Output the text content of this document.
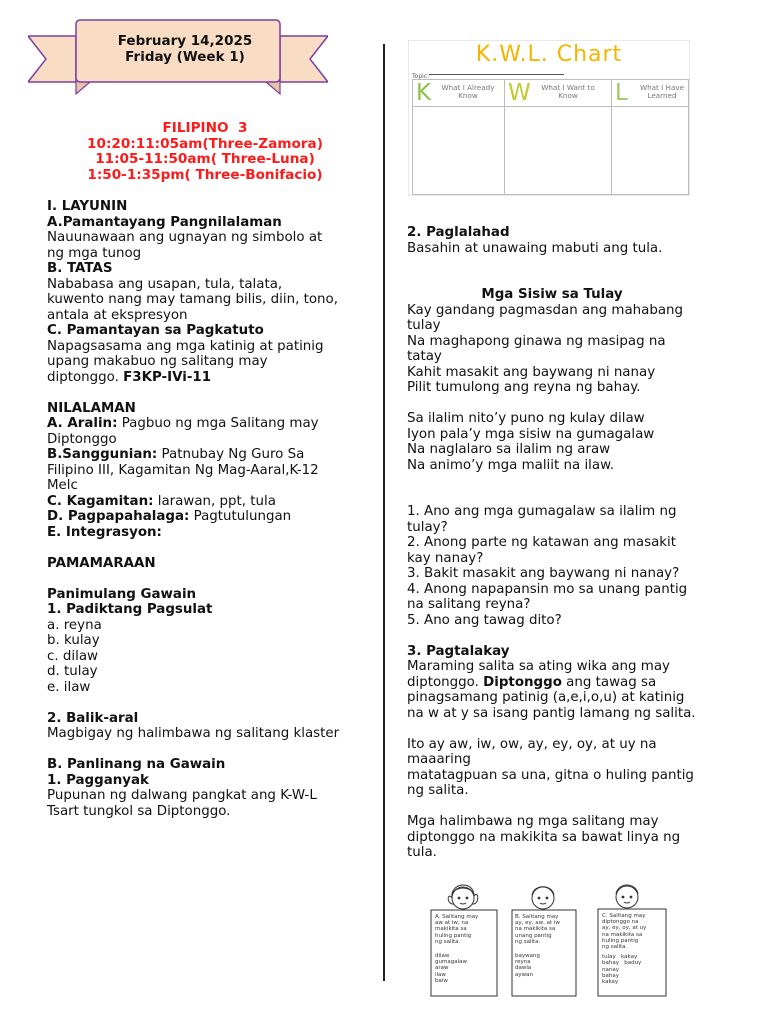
February 14,2025
Friday (Week 1)
FILIPINO  3
10:20:11:05am(Three-Zamora)
11:05-11:50am( Three-Luna)
1:50-1:35pm( Three-Bonifacio)
I. LAYUNIN
A.Pamantayang Pangnilalaman
Nauunawaan ang ugnayan ng simbolo at
ng mga tunog
B. TATAS
Nababasa ang usapan, tula, talata,
kuwento nang may tamang bilis, diin, tono,
antala at ekspresyon
C. Pamantayan sa Pagkatuto
Napagsasama ang mga katinig at patinig
upang makabuo ng salitang may
diptonggo. F3KP-IVi-11
NILALAMAN
A. Aralin: Pagbuo ng mga Salitang may
Diptonggo
B.Sanggunian: Patnubay Ng Guro Sa
Filipino III, Kagamitan Ng Mag-Aaral,K-12
Melc
C. Kagamitan: larawan, ppt, tula
D. Pagpapahalaga: Pagtutulungan
E. Integrasyon:
PAMAMARAAN
Panimulang Gawain
1. Padiktang Pagsulat
a. reyna
b. kulay
c. dilaw
d. tulay
e. ilaw
2. Balik-aral
Magbigay ng halimbawa ng salitang klaster
B. Panlinang na Gawain
1. Pagganyak
Pupunan ng dalwang pangkat ang K-W-L
Tsart tungkol sa Diptonggo.
K.W.L. Chart
Topic:
K	What I Already Know	W	What I Want to Know	L	What I Have Learned
2. Paglalahad
Basahin at unawaing mabuti ang tula.
Mga Sisiw sa Tulay
Kay gandang pagmasdan ang mahabang
tulay
Na maghapong ginawa ng masipag na
tatay
Kahit masakit ang baywang ni nanay
Pilit tumulong ang reyna ng bahay.
Sa ilalim nito’y puno ng kulay dilaw
Iyon pala’y mga sisiw na gumagalaw
Na naglalaro sa ilalim ng araw
Na animo’y mga maliit na ilaw.
1. Ano ang mga gumagalaw sa ilalim ng
tulay?
2. Anong parte ng katawan ang masakit
kay nanay?
3. Bakit masakit ang baywang ni nanay?
4. Anong napapansin mo sa unang pantig
na salitang reyna?
5. Ano ang tawag dito?
3. Pagtalakay
Maraming salita sa ating wika ang may
diptonggo. Diptonggo ang tawag sa
pinagsamang patinig (a,e,i,o,u) at katinig
na w at y sa isang pantig lamang ng salita.
Ito ay aw, iw, ow, ay, ey, oy, at uy na
maaaring
matatagpuan sa una, gitna o huling pantig
ng salita.
Mga halimbawa ng mga salitang may
diptonggo na makikita sa bawat linya ng
tula.
A. Salitang may
aw at iw, na
makikita sa
huling pantig
ng salita.
dilaw
gumagalaw
araw
ilaw
baíw
B. Salitang may
ay, ey, aw, at iw
na makikita sa
unang pantig
ng salita.
baywang
reyna
dawía
aywan
C. Salitang may
diptonggo na
ay, ey, oy, at uy
na makikita sa
huling pantig
ng salita.
tulay   kakay
bahay   baduy
nanay
bahay
kakay
